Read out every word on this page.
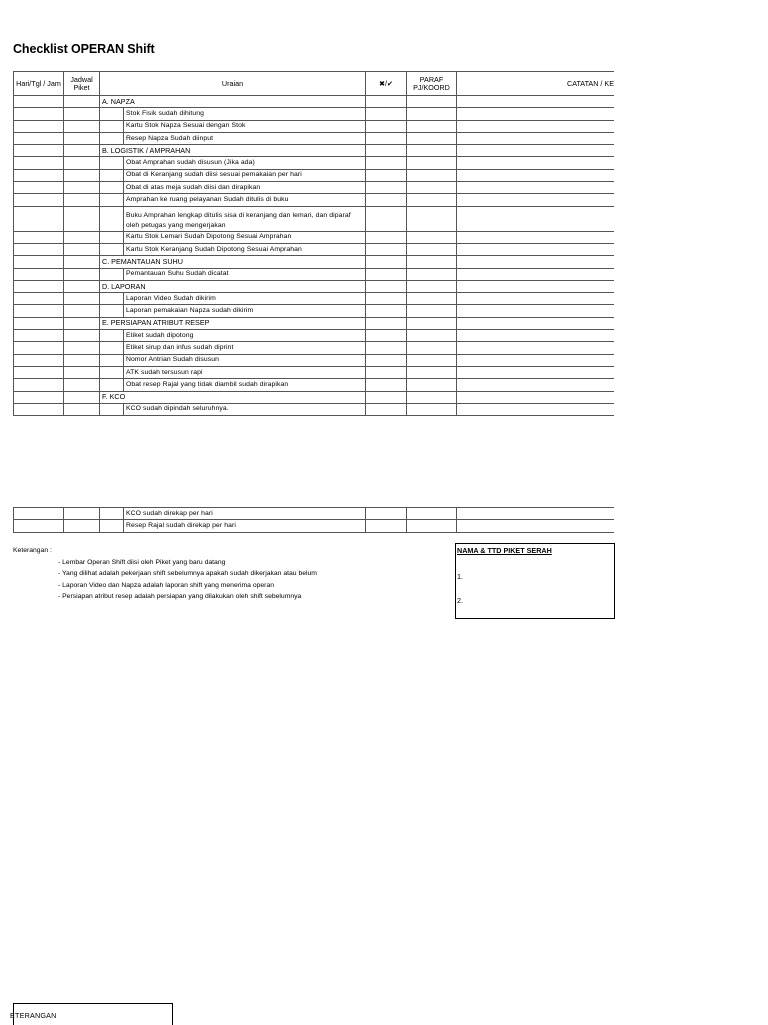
Checklist OPERAN Shift
Hari/Tgl / Jam	Jadwal Piket	Uraian		✖/✔	PARAF PJ/KOORD	CATATAN / KE
		A. NAPZA				
			Stok Fisik sudah dihitung			
			Kartu Stok Napza Sesuai dengan Stok			
			Resep Napza Sudah diinput			
		B. LOGISTIK / AMPRAHAN				
			Obat Amprahan sudah disusun (Jika ada)			
			Obat di Keranjang sudah diisi sesuai pemakaian per hari			
			Obat di atas meja sudah diisi dan dirapikan			
			Amprahan ke ruang pelayanan Sudah ditulis di buku			
			Buku Amprahan lengkap ditulis sisa di keranjang dan lemari, dan diparaf oleh petugas yang mengerjakan			
			Kartu Stok Lemari Sudah Dipotong Sesuai Amprahan			
			Kartu Stok Keranjang Sudah Dipotong Sesuai Amprahan			
		C. PEMANTAUAN SUHU				
			Pemantauan Suhu Sudah dicatat			
		D. LAPORAN				
			Laporan Video Sudah dikirim			
			Laporan pemakaian Napza sudah dikirim			
		E. PERSIAPAN ATRIBUT RESEP				
			Etiket sudah dipotong			
			Etiket sirup dan infus sudah diprint			
			Nomor Antrian Sudah disusun			
			ATK sudah tersusun rapi			
			Obat resep Rajal yang tidak diambil sudah dirapikan			
		F. KCO				
			KCO sudah dipindah seluruhnya.			
			KCO sudah direkap per hari			
			Resep Rajal sudah direkap per hari			
Keterangan :
- Lembar Operan Shift diisi oleh Piket yang baru datang
- Yang dilihat adalah pekerjaan shift sebelumnya apakah sudah dikerjakan atau belum
- Laporan Video dan Napza adalah laporan shift yang menerima operan
- Persiapan atribut resep adalah persiapan yang dilakukan oleh shift sebelumnya
NAMA & TTD PIKET SERAH
1.
2.
ETERANGAN
